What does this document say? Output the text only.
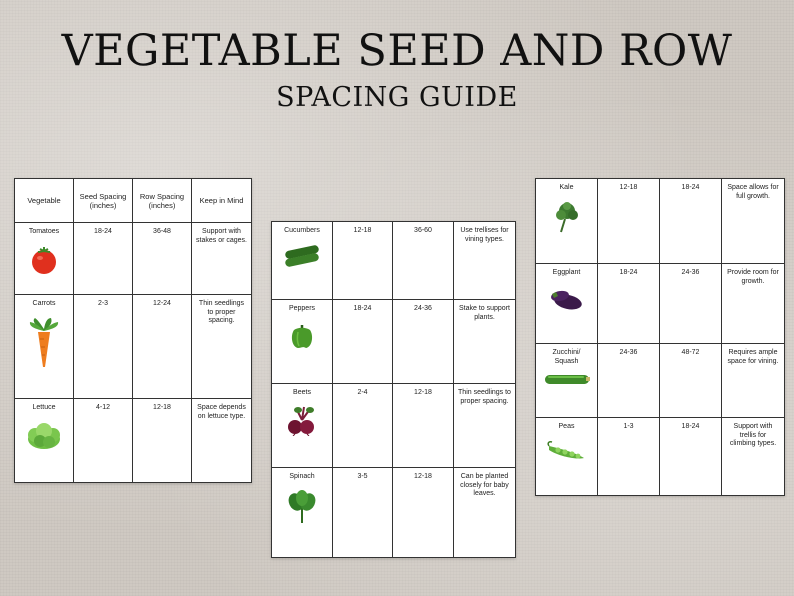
VEGETABLE SEED AND ROW
SPACING GUIDE
Vegetable	Seed Spacing (inches)	Row Spacing (inches)	Keep in Mind

Tomatoes	18-24	36-48	Support with stakes or cages.

Carrots	2-3	12-24	Thin seedlings to proper spacing.

Lettuce	4-12	12-18	Space depends on lettuce type.
Cucumbers	12-18	36-60	Use trellises for vining types.

Peppers	18-24	24-36	Stake to support plants.

Beets	2-4	12-18	Thin seedlings to proper spacing.

Spinach	3-5	12-18	Can be planted closely for baby leaves.
Kale	12-18	18-24	Space allows for full growth.

Eggplant	18-24	24-36	Provide room for growth.

Zucchini/ Squash	24-36	48-72	Requires ample space for vining.

Peas	1-3	18-24	Support with trellis for climbing types.
